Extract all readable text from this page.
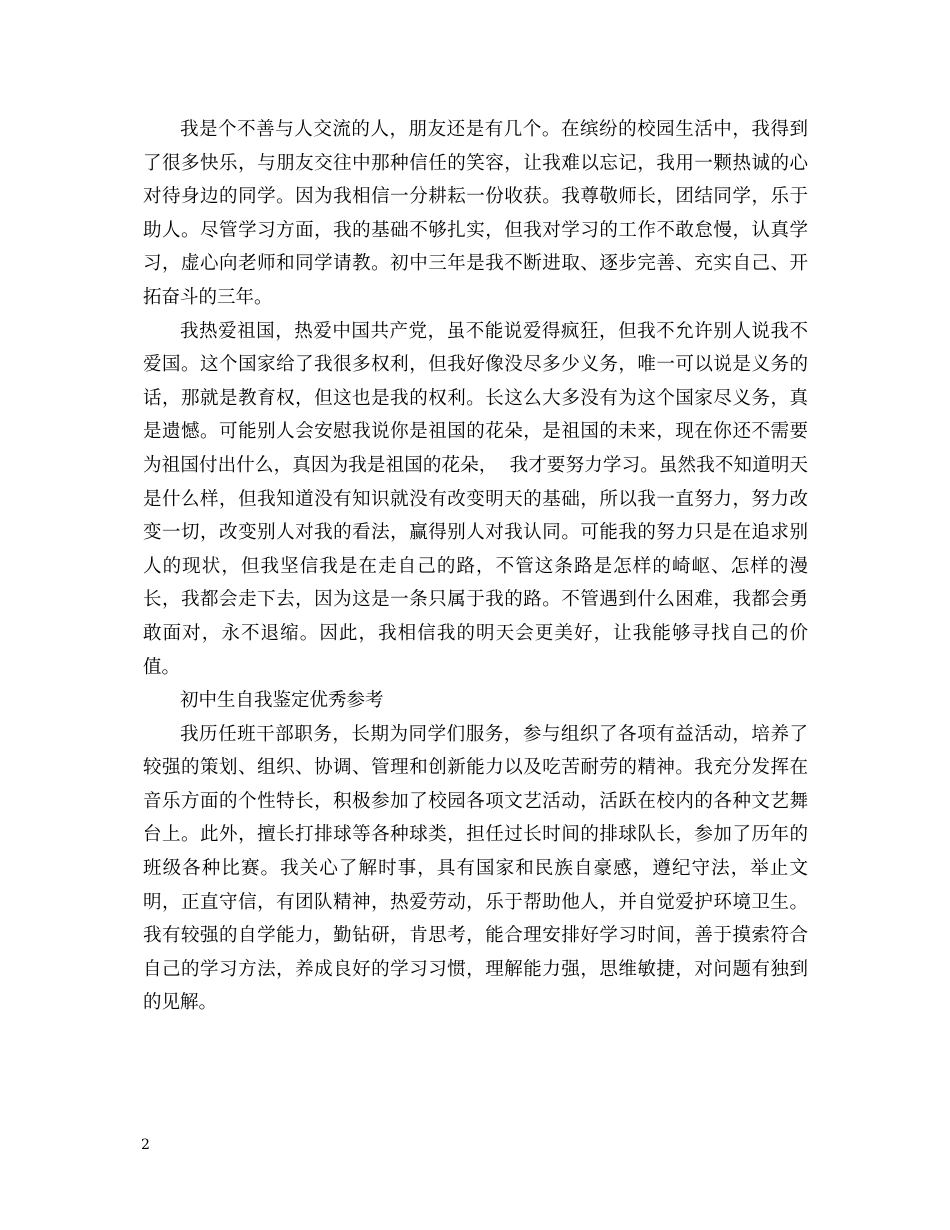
我是个不善与人交流的人，朋友还是有几个。在缤纷的校园生活中，我得到了很多快乐，与朋友交往中那种信任的笑容，让我难以忘记，我用一颗热诚的心对待身边的同学。因为我相信一分耕耘一份收获。我尊敬师长，团结同学，乐于助人。尽管学习方面，我的基础不够扎实，但我对学习的工作不敢怠慢，认真学习，虚心向老师和同学请教。初中三年是我不断进取、逐步完善、充实自己、开拓奋斗的三年。

我热爱祖国，热爱中国共产党，虽不能说爱得疯狂，但我不允许别人说我不爱国。这个国家给了我很多权利，但我好像没尽多少义务，唯一可以说是义务的话，那就是教育权，但这也是我的权利。长这么大多没有为这个国家尽义务，真是遗憾。可能别人会安慰我说你是祖国的花朵，是祖国的未来，现在你还不需要为祖国付出什么，真因为我是祖国的花朵，  我才要努力学习。虽然我不知道明天是什么样，但我知道没有知识就没有改变明天的基础，所以我一直努力，努力改变一切，改变别人对我的看法，赢得别人对我认同。可能我的努力只是在追求别人的现状，但我坚信我是在走自己的路，不管这条路是怎样的崎岖、怎样的漫长，我都会走下去，因为这是一条只属于我的路。不管遇到什么困难，我都会勇敢面对，永不退缩。因此，我相信我的明天会更美好，让我能够寻找自己的价值。

初中生自我鉴定优秀参考

我历任班干部职务，长期为同学们服务，参与组织了各项有益活动，培养了较强的策划、组织、协调、管理和创新能力以及吃苦耐劳的精神。我充分发挥在音乐方面的个性特长，积极参加了校园各项文艺活动，活跃在校内的各种文艺舞台上。此外，擅长打排球等各种球类，担任过长时间的排球队长，参加了历年的班级各种比赛。我关心了解时事，具有国家和民族自豪感，遵纪守法，举止文明，正直守信，有团队精神，热爱劳动，乐于帮助他人，并自觉爱护环境卫生。我有较强的自学能力，勤钻研，肯思考，能合理安排好学习时间，善于摸索符合自己的学习方法，养成良好的学习习惯，理解能力强，思维敏捷，对问题有独到的见解。

2
